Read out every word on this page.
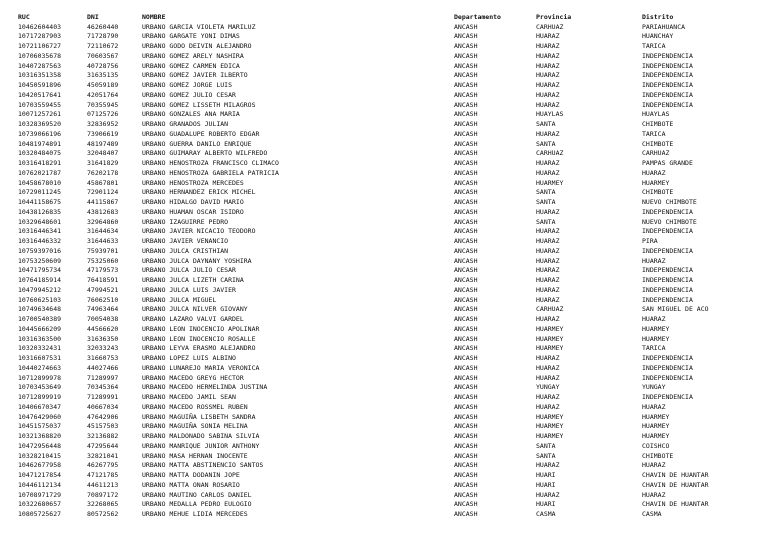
RUC	DNI	NOMBRE	Departamento	Provincia	Distrito
10462604403	46260440	URBANO GARCIA VIOLETA MARILUZ	ANCASH	CARHUAZ	PARIAHUANCA
10717287903	71728790	URBANO GARGATE YONI DIMAS	ANCASH	HUARAZ	HUANCHAY
10721106727	72110672	URBANO GODO DEIVIN ALEJANDRO	ANCASH	HUARAZ	TARICA
10706035678	70603567	URBANO GOMEZ ARELY NASHIRA	ANCASH	HUARAZ	INDEPENDENCIA
10407287563	40728756	URBANO GOMEZ CARMEN EDICA	ANCASH	HUARAZ	INDEPENDENCIA
10316351358	31635135	URBANO GOMEZ JAVIER ILBERTO	ANCASH	HUARAZ	INDEPENDENCIA
10450591896	45059189	URBANO GOMEZ JORGE LUIS	ANCASH	HUARAZ	INDEPENDENCIA
10420517641	42051764	URBANO GOMEZ JULIO CESAR	ANCASH	HUARAZ	INDEPENDENCIA
10703559455	70355945	URBANO GOMEZ LISSETH MILAGROS	ANCASH	HUARAZ	INDEPENDENCIA
10071257261	07125726	URBANO GONZALES ANA MARIA	ANCASH	HUAYLAS	HUAYLAS
10328369520	32836952	URBANO GRANADOS JULIAN	ANCASH	SANTA	CHIMBOTE
10739066196	73906619	URBANO GUADALUPE ROBERTO EDGAR	ANCASH	HUARAZ	TARICA
10481974891	48197489	URBANO GUERRA DANILO ENRIQUE	ANCASH	SANTA	CHIMBOTE
10320484075	32048407	URBANO GUIMARAY ALBERTO WILFREDO	ANCASH	CARHUAZ	CARHUAZ
10316418291	31641829	URBANO HENOSTROZA FRANCISCO CLIMACO	ANCASH	HUARAZ	PAMPAS GRANDE
10762021787	76202178	URBANO HENOSTROZA GABRIELA PATRICIA	ANCASH	HUARAZ	HUARAZ
10458678010	45867801	URBANO HENOSTROZA MERCEDES	ANCASH	HUARMEY	HUARMEY
10729011245	72901124	URBANO HERNANDEZ ERICK MICHEL	ANCASH	SANTA	CHIMBOTE
10441158675	44115867	URBANO HIDALGO DAVID MARIO	ANCASH	SANTA	NUEVO CHIMBOTE
10438126835	43812683	URBANO HUAMAN OSCAR ISIDRO	ANCASH	HUARAZ	INDEPENDENCIA
10329648601	32964860	URBANO IZAGUIRRE PEDRO	ANCASH	SANTA	NUEVO CHIMBOTE
10316446341	31644634	URBANO JAVIER NICACIO TEODORO	ANCASH	HUARAZ	INDEPENDENCIA
10316446332	31644633	URBANO JAVIER VENANCIO	ANCASH	HUARAZ	PIRA
10759397016	75939701	URBANO JULCA CRISTHIAN	ANCASH	HUARAZ	INDEPENDENCIA
10753250609	75325060	URBANO JULCA DAYNANY YOSHIRA	ANCASH	HUARAZ	HUARAZ
10471795734	47179573	URBANO JULCA JULIO CESAR	ANCASH	HUARAZ	INDEPENDENCIA
10764185914	76418591	URBANO JULCA LIZETH CARINA	ANCASH	HUARAZ	INDEPENDENCIA
10479945212	47994521	URBANO JULCA LUIS JAVIER	ANCASH	HUARAZ	INDEPENDENCIA
10760625103	76062510	URBANO JULCA MIGUEL	ANCASH	HUARAZ	INDEPENDENCIA
10749634648	74963464	URBANO JULCA NILVER GIOVANY	ANCASH	CARHUAZ	SAN MIGUEL DE ACO
10700540389	70054038	URBANO LAZARO VALVI GARDEL	ANCASH	HUARAZ	HUARAZ
10445666209	44566620	URBANO LEON INOCENCIO APOLINAR	ANCASH	HUARMEY	HUARMEY
10316363500	31636350	URBANO LEON INOCENCIO ROSALLE	ANCASH	HUARMEY	HUARMEY
10320332431	32033243	URBANO LEYVA ERASMO ALEJANDRO	ANCASH	HUARMEY	TARICA
10316607531	31660753	URBANO LOPEZ LUIS ALBINO	ANCASH	HUARAZ	INDEPENDENCIA
10440274663	44027466	URBANO LUNAREJO MARIA VERONICA	ANCASH	HUARAZ	INDEPENDENCIA
10712899978	71289997	URBANO MACEDO GREYG HECTOR	ANCASH	HUARAZ	INDEPENDENCIA
10703453649	70345364	URBANO MACEDO HERMELINDA JUSTINA	ANCASH	YUNGAY	YUNGAY
10712899919	71289991	URBANO MACEDO JAMIL SEAN	ANCASH	HUARAZ	INDEPENDENCIA
10406670347	40667034	URBANO MACEDO ROSSMEL RUBEN	ANCASH	HUARAZ	HUARAZ
10476429060	47642906	URBANO MAGUIÑA LISBETH SANDRA	ANCASH	HUARMEY	HUARMEY
10451575037	45157503	URBANO MAGUIÑA SONIA MELINA	ANCASH	HUARMEY	HUARMEY
10321368820	32136882	URBANO MALDONADO SABINA SILVIA	ANCASH	HUARMEY	HUARMEY
10472956448	47295644	URBANO MANRIQUE JUNIOR ANTHONY	ANCASH	SANTA	COISHCO
10328210415	32821041	URBANO MASA HERNAN INOCENTE	ANCASH	SANTA	CHIMBOTE
10462677958	46267795	URBANO MATTA ABSTINENCIO SANTOS	ANCASH	HUARAZ	HUARAZ
10471217854	47121785	URBANO MATTA DODANIN JOPE	ANCASH	HUARI	CHAVIN DE HUANTAR
10446112134	44611213	URBANO MATTA ONAN ROSARIO	ANCASH	HUARI	CHAVIN DE HUANTAR
10708971729	70897172	URBANO MAUTINO CARLOS DANIEL	ANCASH	HUARAZ	HUARAZ
10322680657	32268065	URBANO MEDALLA PEDRO EULOGIO	ANCASH	HUARI	CHAVIN DE HUANTAR
10805725627	80572562	URBANO MEHUE LIDIA MERCEDES	ANCASH	CASMA	CASMA
